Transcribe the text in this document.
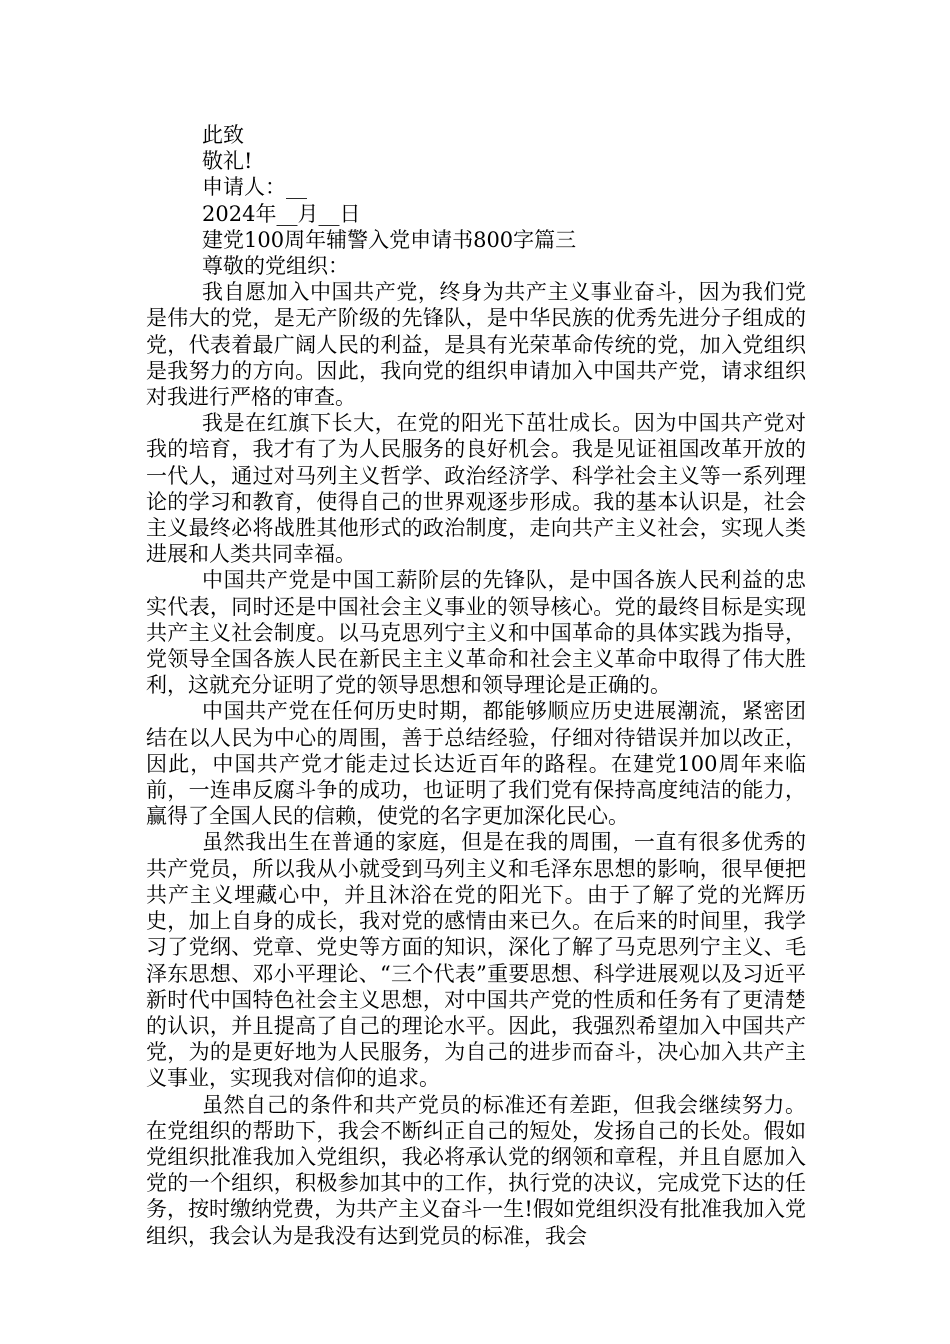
此致

敬礼!

申请人：__

2024年__月__日

建党100周年辅警入党申请书800字篇三

尊敬的党组织：

我自愿加入中国共产党，终身为共产主义事业奋斗，因为我们党是伟大的党，是无产阶级的先锋队，是中华民族的优秀先进分子组成的党，代表着最广阔人民的利益，是具有光荣革命传统的党，加入党组织是我努力的方向。因此，我向党的组织申请加入中国共产党，请求组织对我进行严格的审查。

我是在红旗下长大，在党的阳光下茁壮成长。因为中国共产党对我的培育，我才有了为人民服务的良好机会。我是见证祖国改革开放的一代人，通过对马列主义哲学、政治经济学、科学社会主义等一系列理论的学习和教育，使得自己的世界观逐步形成。我的基本认识是，社会主义最终必将战胜其他形式的政治制度，走向共产主义社会，实现人类进展和人类共同幸福。

中国共产党是中国工薪阶层的先锋队，是中国各族人民利益的忠实代表，同时还是中国社会主义事业的领导核心。党的最终目标是实现共产主义社会制度。以马克思列宁主义和中国革命的具体实践为指导，党领导全国各族人民在新民主主义革命和社会主义革命中取得了伟大胜利，这就充分证明了党的领导思想和领导理论是正确的。

中国共产党在任何历史时期，都能够顺应历史进展潮流，紧密团结在以人民为中心的周围，善于总结经验，仔细对待错误并加以改正，因此，中国共产党才能走过长达近百年的路程。在建党100周年来临前，一连串反腐斗争的成功，也证明了我们党有保持高度纯洁的能力，赢得了全国人民的信赖，使党的名字更加深化民心。

虽然我出生在普通的家庭，但是在我的周围，一直有很多优秀的共产党员，所以我从小就受到马列主义和毛泽东思想的影响，很早便把共产主义埋藏心中，并且沐浴在党的阳光下。由于了解了党的光辉历史，加上自身的成长，我对党的感情由来已久。在后来的时间里，我学习了党纲、党章、党史等方面的知识，深化了解了马克思列宁主义、毛泽东思想、邓小平理论、“三个代表”重要思想、科学进展观以及习近平新时代中国特色社会主义思想，对中国共产党的性质和任务有了更清楚的认识，并且提高了自己的理论水平。因此，我强烈希望加入中国共产党，为的是更好地为人民服务，为自己的进步而奋斗，决心加入共产主义事业，实现我对信仰的追求。

虽然自己的条件和共产党员的标准还有差距，但我会继续努力。在党组织的帮助下，我会不断纠正自己的短处，发扬自己的长处。假如党组织批准我加入党组织，我必将承认党的纲领和章程，并且自愿加入党的一个组织，积极参加其中的工作，执行党的决议，完成党下达的任务，按时缴纳党费，为共产主义奋斗一生!假如党组织没有批准我加入党组织，我会认为是我没有达到党员的标准，我会
